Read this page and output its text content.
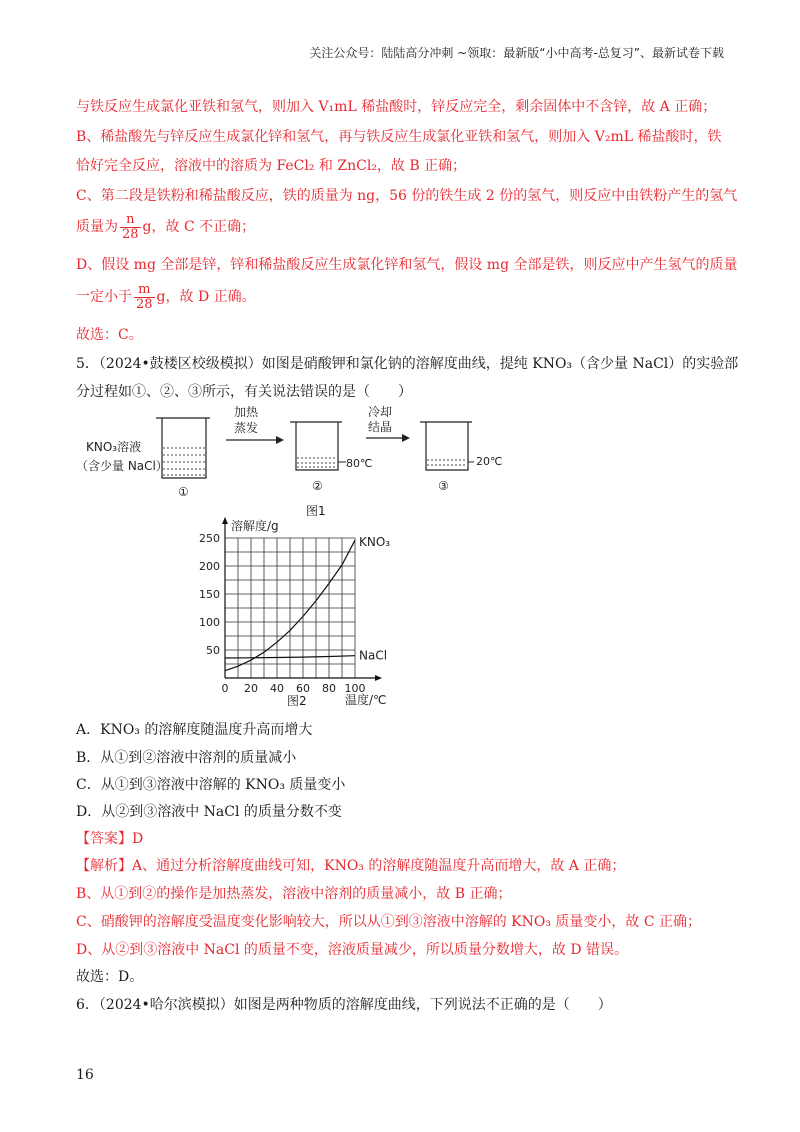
关注公众号：陆陆高分冲刺 ~领取：最新版“小中高考-总复习”、最新试卷下载
与铁反应生成氯化亚铁和氢气，则加入 V₁mL 稀盐酸时，锌反应完全，剩余固体中不含锌，故 A 正确；
B、稀盐酸先与锌反应生成氯化锌和氢气，再与铁反应生成氯化亚铁和氢气，则加入 V₂mL 稀盐酸时，铁
恰好完全反应，溶液中的溶质为 FeCl₂ 和 ZnCl₂，故 B 正确；
C、第二段是铁粉和稀盐酸反应，铁的质量为 ng，56 份的铁生成 2 份的氢气，则反应中由铁粉产生的氢气
质量为 $\frac{n}{28}$ g，故 C 不正确；
D、假设 mg 全部是锌，锌和稀盐酸反应生成氯化锌和氢气，假设 mg 全部是铁，则反应中产生氢气的质量
一定小于 $\frac{m}{28}$ g，故 D 正确。
故选：C。
5．（2024•鼓楼区校级模拟）如图是硝酸钾和氯化钠的溶解度曲线，提纯 KNO₃（含少量 NaCl）的实验部
分过程如①、②、③所示，有关说法错误的是（　　）
KNO₃溶液
（含少量 NaCl）
①
加热
蒸发
80℃
②
冷却
结晶
20℃
③
图1
0 20 40 60 80 100
50
100
150
200
250	KNO₃
NaCl
溶解度/g
温度/℃
图2
A．KNO₃ 的溶解度随温度升高而增大
B．从①到②溶液中溶剂的质量减小
C．从①到③溶液中溶解的 KNO₃ 质量变小
D．从②到③溶液中 NaCl 的质量分数不变
【答案】D
【解析】A、通过分析溶解度曲线可知，KNO₃ 的溶解度随温度升高而增大，故 A 正确；
B、从①到②的操作是加热蒸发，溶液中溶剂的质量减小，故 B 正确；
C、硝酸钾的溶解度受温度变化影响较大，所以从①到③溶液中溶解的 KNO₃ 质量变小，故 C 正确；
D、从②到③溶液中 NaCl 的质量不变，溶液质量减少，所以质量分数增大，故 D 错误。
故选：D。
6．（2024•哈尔滨模拟）如图是两种物质的溶解度曲线，下列说法不正确的是（　　）
16
